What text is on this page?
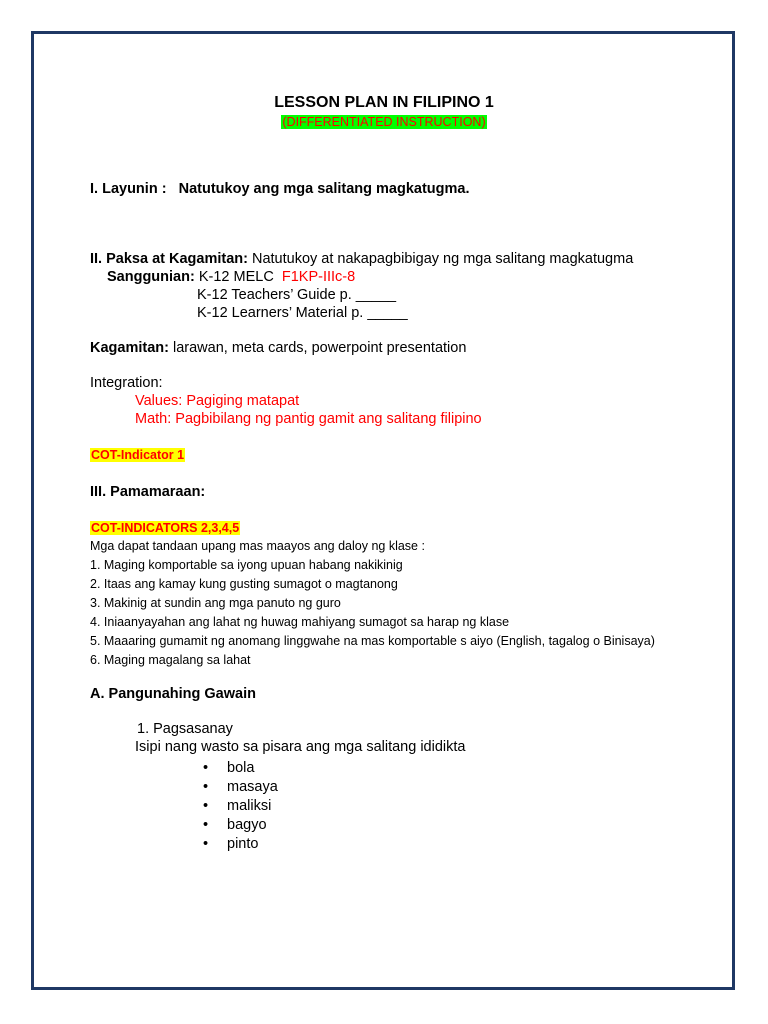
LESSON PLAN IN FILIPINO 1
(DIFFERENTIATED INSTRUCTION)
I. Layunin : Natutukoy ang mga salitang magkatugma.
II. Paksa at Kagamitan: Natutukoy at nakapagbibigay ng mga salitang magkatugma
Sanggunian: K-12 MELC F1KP-IIIc-8
K-12 Teachers’ Guide p. _____
K-12 Learners’ Material p. _____
Kagamitan: larawan, meta cards, powerpoint presentation
Integration:
Values: Pagiging matapat
Math: Pagbibilang ng pantig gamit ang salitang filipino
COT-Indicator 1
III. Pamamaraan:
COT-INDICATORS 2,3,4,5
Mga dapat tandaan upang mas maayos ang daloy ng klase :
1. Maging komportable sa iyong upuan habang nakikinig
2. Itaas ang kamay kung gusting sumagot o magtanong
3. Makinig at sundin ang mga panuto ng guro
4. Iniaanyayahan ang lahat ng huwag mahiyang sumagot sa harap ng klase
5. Maaaring gumamit ng anomang linggwahe na mas komportable s aiyo (English, tagalog o Binisaya)
6. Maging magalang sa lahat
A. Pangunahing Gawain
1. Pagsasanay
Isipi nang wasto sa pisara ang mga salitang ididikta
• bola
• masaya
• maliksi
• bagyo
• pinto
